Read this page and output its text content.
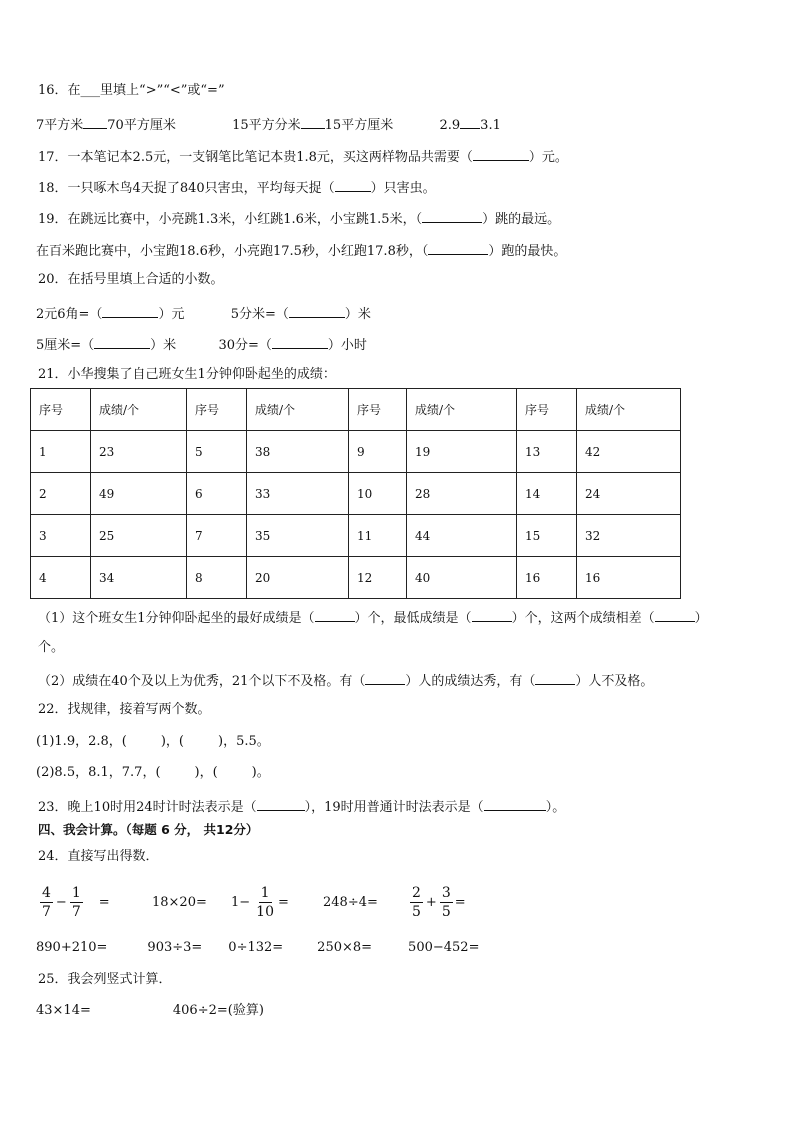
16．在___里填上“>”“<”或“=”
7平方米 70平方厘米	15平方分米 15平方厘米	2.9 3.1
17．一本笔记本2.5元，一支钢笔比笔记本贵1.8元，买这两样物品共需要（	）元。
18．一只啄木鸟4天捉了840只害虫，平均每天捉（	）只害虫。
19．在跳远比赛中，小亮跳1.3米，小红跳1.6米，小宝跳1.5米，（	）跳的最远。
在百米跑比赛中，小宝跑18.6秒，小亮跑17.5秒，小红跑17.8秒，（	）跑的最快。
20．在括号里填上合适的小数。
2元6角=（	）元	5分米=（	）米
5厘米=（	）米	30分=（	）小时
21．小华搜集了自己班女生1分钟仰卧起坐的成绩：
序号	成绩/个	序号	成绩/个	序号	成绩/个	序号	成绩/个
1	23	5	38	9	19	13	42
2	49	6	33	10	28	14	24
3	25	7	35	11	44	15	32
4	34	8	20	12	40	16	16
（1）这个班女生1分钟仰卧起坐的最好成绩是（	）个，最低成绩是（	）个，这两个成绩相差（	）
个。
（2）成绩在40个及以上为优秀，21个以下不及格。有（	）人的成绩达秀，有（	）人不及格。
22．找规律，接着写两个数。
(1)1.9，2.8，(	)，(	)，5.5。
(2)8.5，8.1，7.7，(	)，(	)。
23．晚上10时用24时计时法表示是（	），19时用普通计时法表示是（	）。
四、我会计算。（每题 6 分， 共12分）
24．直接写出得数．
$\frac{4}{7} - \frac{1}{7}$ =	$18\times 20= 1- \frac{1}{10}$ =	$248\div 4= \frac{2}{5} + \frac{3}{5}$ =
890+210=	903÷3= 0÷132=	250×8=	500−452=
25．我会列竖式计算．
43×14=	406÷2=(验算)
